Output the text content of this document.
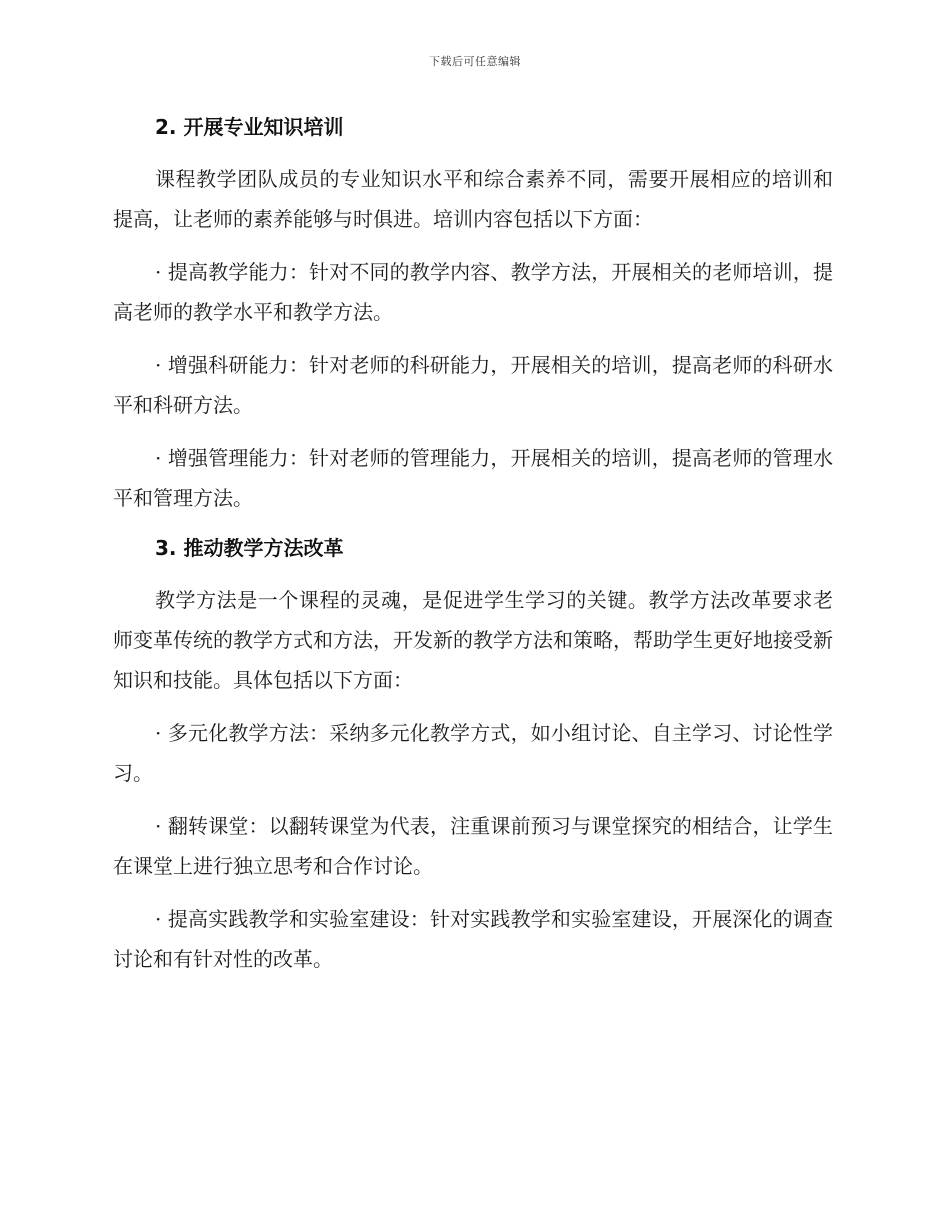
下载后可任意编辑
2. 开展专业知识培训

课程教学团队成员的专业知识水平和综合素养不同，需要开展相应的培训和提高，让老师的素养能够与时俱进。培训内容包括以下方面：

· 提高教学能力：针对不同的教学内容、教学方法，开展相关的老师培训，提高老师的教学水平和教学方法。

· 增强科研能力：针对老师的科研能力，开展相关的培训，提高老师的科研水平和科研方法。

· 增强管理能力：针对老师的管理能力，开展相关的培训，提高老师的管理水平和管理方法。

3. 推动教学方法改革

教学方法是一个课程的灵魂，是促进学生学习的关键。教学方法改革要求老师变革传统的教学方式和方法，开发新的教学方法和策略，帮助学生更好地接受新知识和技能。具体包括以下方面：

· 多元化教学方法：采纳多元化教学方式，如小组讨论、自主学习、讨论性学习。

· 翻转课堂：以翻转课堂为代表，注重课前预习与课堂探究的相结合，让学生在课堂上进行独立思考和合作讨论。

· 提高实践教学和实验室建设：针对实践教学和实验室建设，开展深化的调查讨论和有针对性的改革。
